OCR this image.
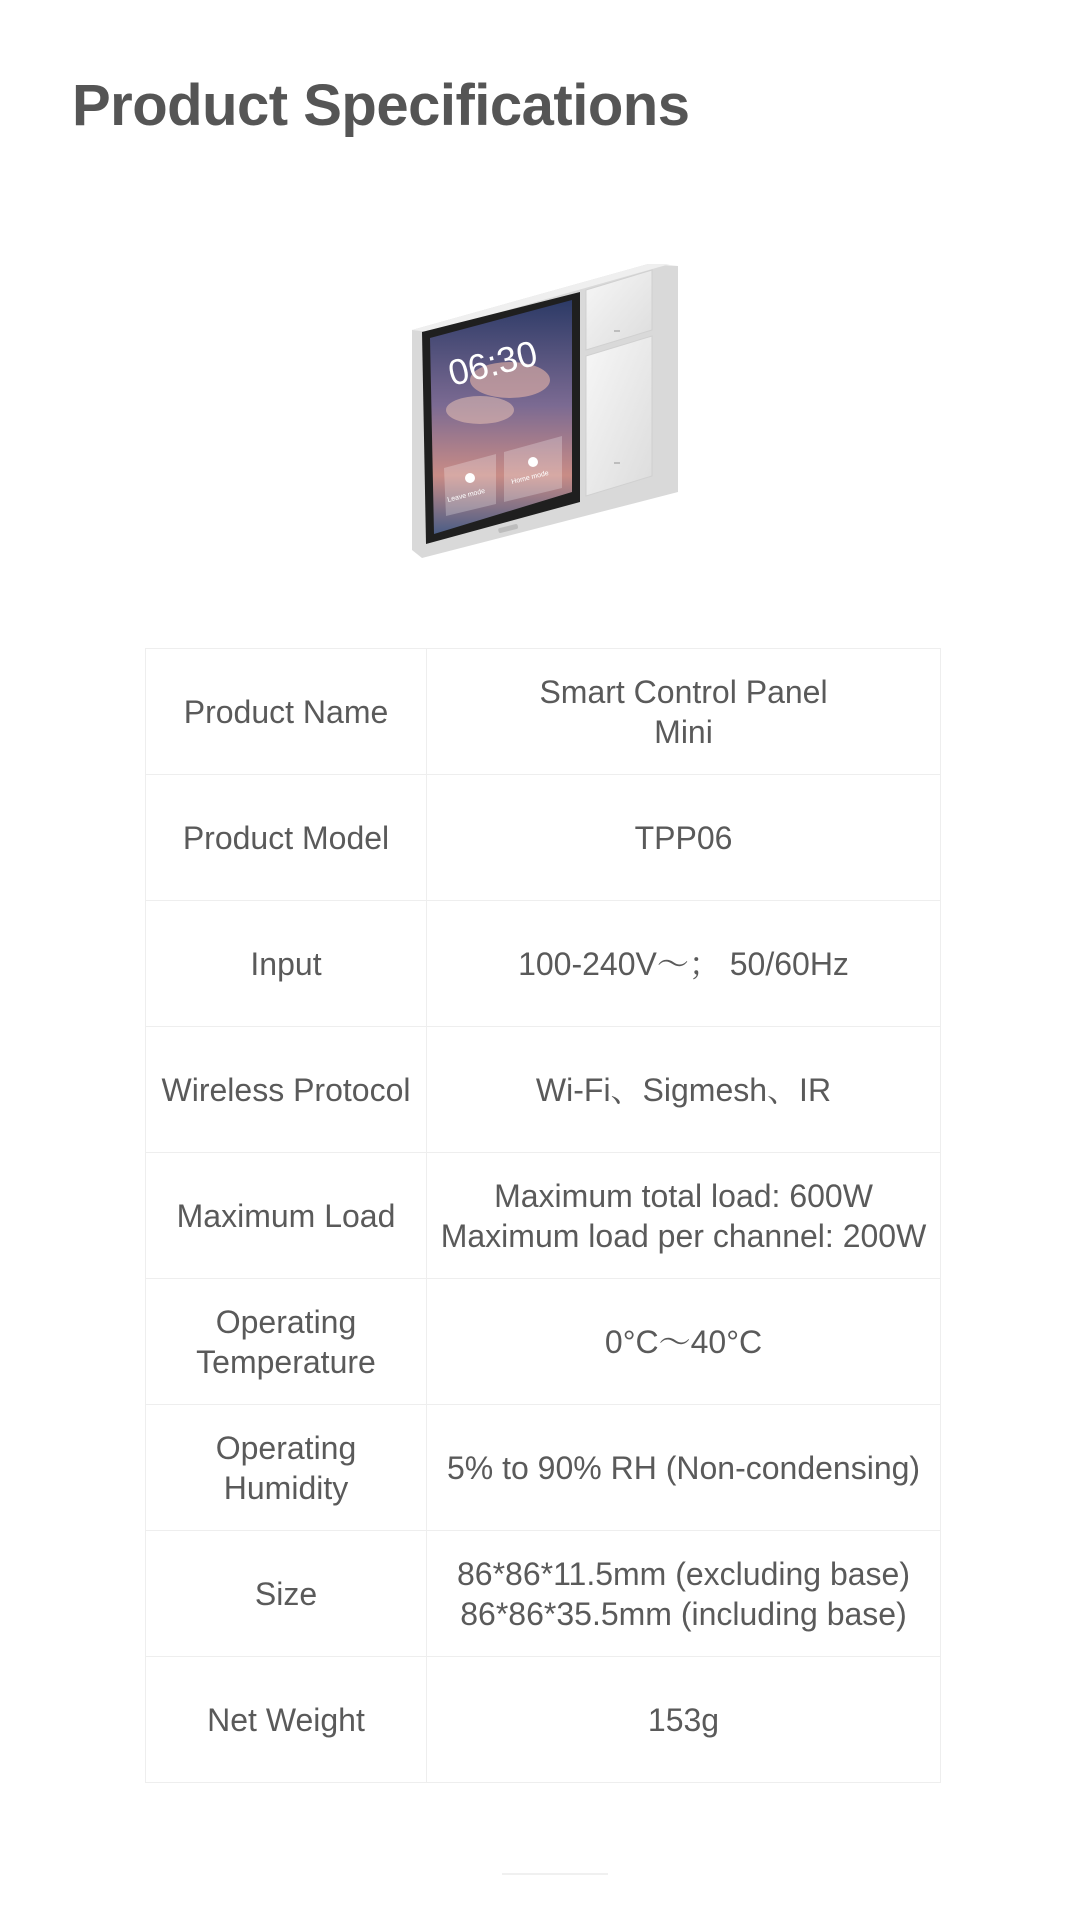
Product Specifications
06:30
Leave mode
Home mode
Product Name	Smart Control Panel
Mini
Product Model	TPP06
Input	100-240V～； 50/60Hz
Wireless Protocol	Wi-Fi、Sigmesh、IR
Maximum Load	Maximum total load: 600W
Maximum load per channel: 200W
Operating
Temperature	0°C～40°C
Operating
Humidity	5% to 90% RH (Non-condensing)
Size	86*86*11.5mm (excluding base)
86*86*35.5mm (including base)
Net Weight	153g
